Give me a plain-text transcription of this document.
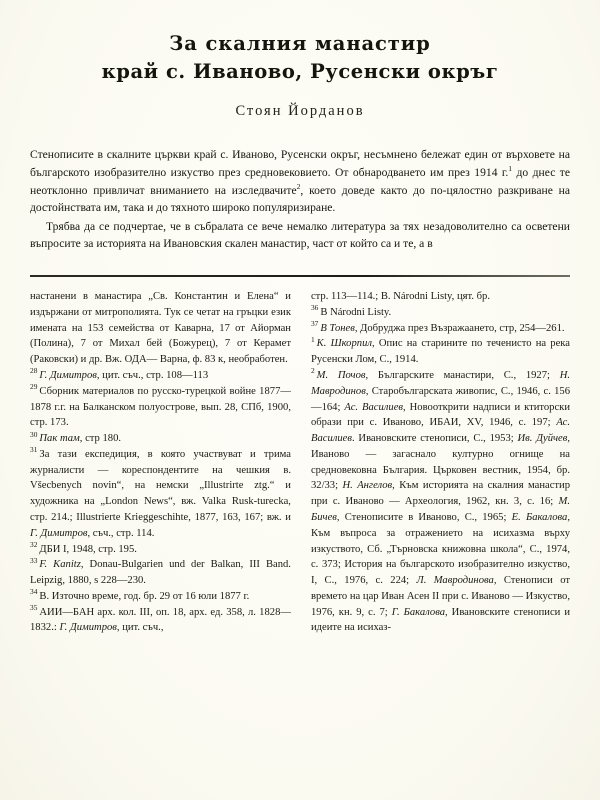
За скалния манастир
край с. Иваново, Русенски окръг
Стоян Йорданов

Стенописите в скалните църкви край с. Иваново, Русенски окръг, несъмнено бележат един от върховете на българското изобразително изкуство през средновековието. От обнародването им през 1914 г.$^1$ до днес те неотклонно привличат вниманието на изследвачите$^2$, което доведе както до по-цялостно разкриване на достойнствата им, така и до тяхното широко популяризиране.

Трябва да се подчертае, че в събралата се вече немалко литература за тях незадоволително са осветени въпросите за историята на Ивановския скален манастир, част от който са и те, а в

настанени в манастира „Св. Константин и Елена“ и издържани от митрополията. Тук се четат на гръцки език имената на 153 семейства от Каварна, 17 от Айорман (Полина), 7 от Михал бей (Божурец), 7 от Керамет (Раковски) и др. Вж. ОДА— Варна, ф. 83 к, необработен.

$^{28}$ Г. Димитров, цит. съч., стр. 108—113

$^{29}$ Сборник материалов по русско-турецкой войне 1877—1878 г.г. на Балканском полуострове, вып. 28, СПб, 1900, стр. 173.

$^{30}$ Пак там, стр 180.

$^{31}$ За тази експедиция, в която участвуват и трима журналисти — кореспондентите на чешкия в. Všecbenych novin“, на немски „Illustrirte ztg.“ и художника на „London News“, вж. Valka Rusk-turecka, стр. 214.; Illustrierte Krieggeschihte, 1877, 163, 167; вж. и Г. Димитров, съч., стр. 114.

$^{32}$ ДБИ I, 1948, стр. 195.

$^{33}$ F. Kanitz, Donau-Bulgarien und der Balkan, III Band. Leipzig, 1880, s 228—230.

$^{34}$ В. Източно време, год. бр. 29 от 16 юли 1877 г.

$^{35}$ АИИ—БАН арх. кол. III, оп. 18, арх. ед. 358, л. 1828—1832.: Г. Димитров, цит. съч.,

стр. 113—114.; В. Národni Listy, цят. бр.

$^{36}$ В Národni Listy.

$^{37}$ В Тонев, Добруджа през Възражаането, стр, 254—261.

$^1$ К. Шкорпил, Опис на старините по течениcто на река Русенски Лом, С., 1914.

$^2$ М. Почов, Българските манастири, С., 1927; Н. Мавродинов, Старобългарската живопис, С., 1946, с. 156—164; Ас. Василиев, Новооткрити надписи и ктиторски образи при с. Иваново, ИБАИ, XV, 1946, с. 197; Ас. Василиев. Ивановските стенописи, С., 1953; Ив. Дуйчев, Иваново — загаснало културно огнище на средновековна България. Църковен вестник, 1954, бр. 32/33; Н. Ангелов, Към историята на скалния манастир при с. Иваново — Археология, 1962, кн. 3, с. 16; М. Бичев, Стенописите в Иваново, С., 1965; Е. Бакалова, Към въпроса за отражението на исихазма върху изкуството, Сб. „Търновска книжовна школа“, С., 1974, с. 373; История на българското изобразително изкуство, I, С., 1976, с. 224; Л. Мавродинова, Стенописи от времето на цар Иван Асен II при с. Иваново — Изкуство, 1976, кн. 9, с. 7; Г. Бакалова, Ивановските стенописи и идеите на исихаз-
